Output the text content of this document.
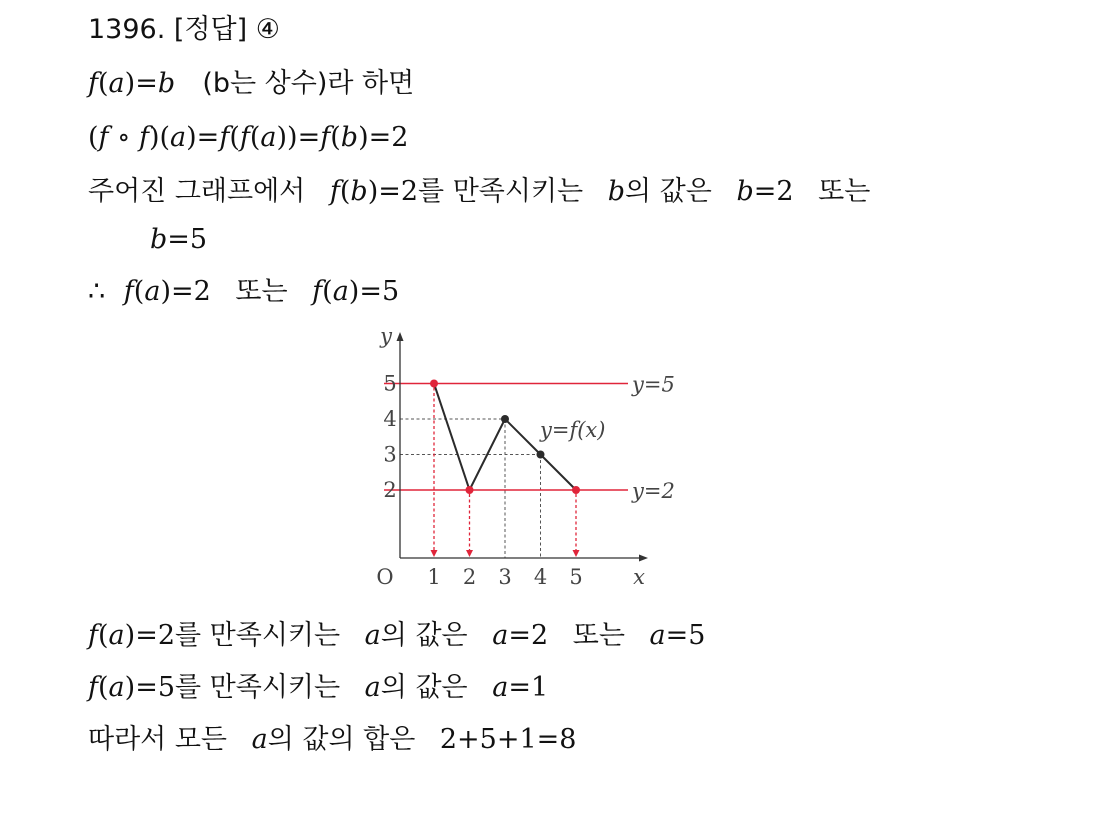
1396. [정답] ④
f(a)=b (b는 상수)라 하면
(f ∘ f)(a)=f(f(a))=f(b)=2
주어진 그래프에서 f(b)=2를 만족시키는 b의 값은 b=2 또는
b=5
∴ f(a)=2 또는 f(a)=5
y=5
y=2
1 2 3 4 5
2
3
4
5
O	x
y
y=f(x)
f(a)=2를 만족시키는 a의 값은 a=2 또는 a=5
f(a)=5를 만족시키는 a의 값은 a=1
따라서 모든 a의 값의 합은 2+5+1=8
